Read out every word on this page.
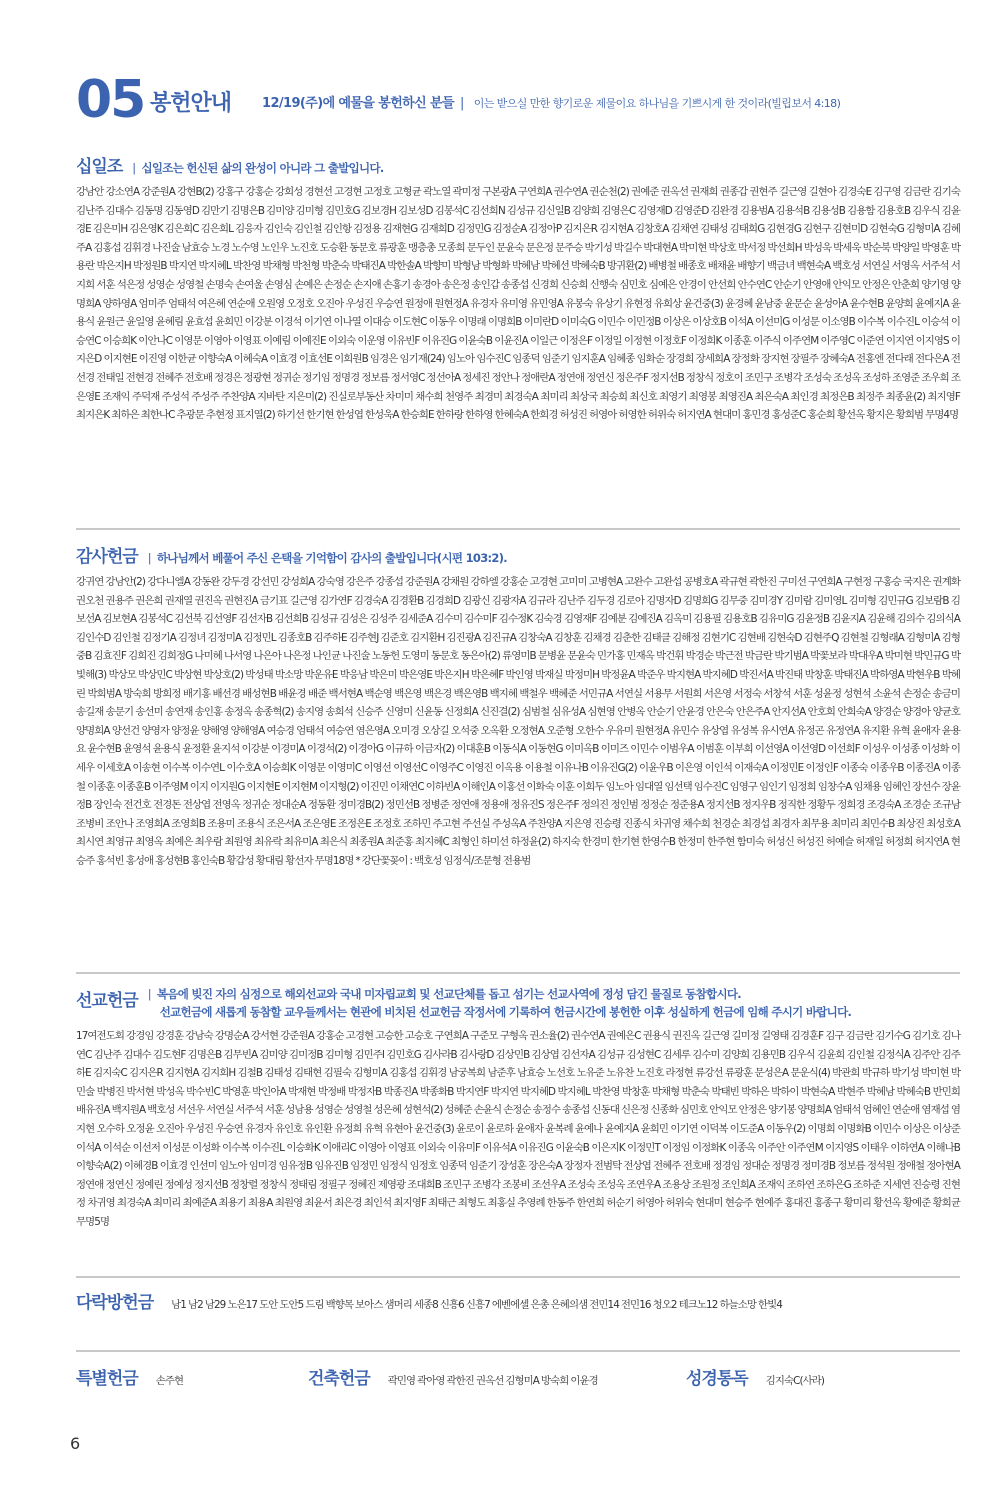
05 봉헌안내 12/19(주)에 예물을 봉헌하신 분들 | 이는 받으실 만한 향기로운 제물이요 하나님을 기쁘시게 한 것이라(빌립보서 4:18)
십일조 | 십일조는 헌신된 삶의 완성이 아니라 그 출발입니다.
강남안 강소연A 강준원A 강현B(2) 강홍구 강홍순 강희성 경현선 고경현 고정호 고형균 곽노열 곽미정 구본광A 구연희A 권수연A 권순천(2) 권예준 권옥선 권재희 권종갑 권현주 길근영 길현아 김경숙E 김구영 김금란 김기숙 김난주 김대수 김동명 김동영D 김만기 김명은B 김미양 김미형 김민호G 김보경H 김보성D 김봉석C 김선희N 김성규 김신일B 김양희 김영은C 김영재D 김영준D 김완경 김용범A 김용석B 김용성B 김용함 김용호B 김우식 김윤경E 김은미H 김은영K 김은희C 김은희L 김응자 김인숙 김인철 김인항 김정용 김재현G 김재희D 김정민G 김정순A 김정아P 김지은R 김지현A 김창호A 김채연 김태성 김태희G 김현경G 김현구 김현미D 김현숙G 김형미A 김혜주A 김홍섭 김휘경 나진술 남효승 노경 노수영 노인우 노진호 도승환 동문호 류광훈 맹층총 모종희 문두인 문윤숙 문은정 문주승 박기성 박길수 박대현A 박미현 박상호 박서정 박선희H 박성욱 박세욱 박순북 박양일 박영훈 박용란 박은지H 박정원B 박지연 박지혜L 박찬영 박채형 박천형 박춘숙 박태진A 박한솔A 박향미 박형남 박형화 박혜남 박혜선 박혜숙B 방귀환(2) 배병철 배종호 배채윤 배향기 백금녀 백현숙A 백호성 서연실 서영옥 서주석 서지희 서훈 석은정 성영순 성영철 손명숙 손여울 손영심 손예은 손정순 손지애 손홍기 송경아 송은정 송인갑 송종섭 신경희 신승희 신행숙 심민호 심예은 안경이 안선희 안수연C 안순기 안영애 안익모 안정은 안춘희 양기영 양명희A 양하영A 엄미주 엄태석 여은혜 연순애 오원영 오정호 오진아 우성진 우승연 원정애 원현정A 유경자 유미영 유민영A 유봉숙 유상기 유현정 유희상 윤건중(3) 윤경혜 윤남중 윤문순 윤성아A 윤수현B 윤양희 윤예지A 윤용식 윤원근 윤일영 윤혜림 윤효섭 윤희민 이강분 이경석 이기연 이나열 이대승 이도현C 이동우 이명래 이명희B 이미란D 이미숙G 이민수 이민정B 이상은 이상호B 이석A 이선미G 이성문 이소영B 이수복 이수진L 이승석 이승연C 이승희K 이안나C 이영문 이영아 이영표 이예림 이예진E 이외숙 이운영 이유빈F 이유진G 이윤숙B 이윤진A 이일근 이정은F 이정일 이정현 이정호F 이정희K 이종훈 이주식 이주연M 이주영C 이준연 이지연 이지영S 이지은D 이지현E 이진영 이한균 이향숙A 이혜숙A 이효경 이효선E 이희원B 임경은 임기재(24) 임노아 임수진C 임종덕 임준기 임지훈A 임혜종 임화순 장경희 장세희A 장정화 장지현 장필주 장혜숙A 전홍엔 전다래 전다은A 전선경 전태일 전현경 전혜주 전호배 정경은 정광현 정귀순 정기임 정명경 정보름 정서영C 정선아A 정세진 정안나 정애란A 정연애 정연신 정은주F 정지선B 정창식 정호이 조민구 조병각 조성숙 조성옥 조성하 조영준 조우희 조은영E 조재익 주덕재 주성석 주성주 주찬양A 지바탄 지은미(2) 진실로부동산 차미미 채수희 천영주 최경미 최경숙A 최미리 최상국 최승희 최신호 최영기 최영봉 최영진A 최은숙A 최인경 최정은B 최정주 최종윤(2) 최지영F 최지은K 최하은 최한나C 추광문 추현정 표지열(2) 하기선 한기현 한성엽 한성욱A 한승희E 한하랑 한하영 한혜숙A 한희경 허성진 허영아 허영한 허위숙 허지연A 현대미 홍민경 홍성준C 홍순희 황선옥 황지은 황희범 무명4명
감사헌금 | 하나님께서 베풀어 주신 은택을 기억함이 감사의 출발입니다(시편 103:2).
강귀연 강남안(2) 강다니엘A 강동완 강두경 강선민 강성희A 강숙영 강은주 강종섭 강준원A 강채원 강하엘 강홍순 고경현 고미미 고병현A 고완수 고완섭 공병호A 곽규현 곽한진 구미선 구연희A 구현정 구홍승 국지은 권계화 권오천 권용주 권은희 권재열 권진옥 권현진A 금기표 길근영 김가연F 김경숙A 김경환B 김경희D 김광신 김광자A 김규라 김난주 김두경 김로아 김명자D 김명희G 김무중 김미경Y 김미람 김미영L 김미형 김민규G 김보람B 김보선A 김보현A 김봉석C 김선북 김선영F 김선자B 김선희B 김성규 김성은 김성주 김세준A 김수미 김수미F 김수정K 김숙경 김영재F 김예분 김예진A 김옥미 김용필 김용호B 김유미G 김윤정B 김윤지A 김윤해 김의수 김의식A 김인수D 김인철 김정기A 김정녀 김정미A 김정민L 김종호B 김주하E 김주현J 김준호 김지환H 김진광A 김진규A 김창숙A 김창훈 김채경 김춘한 김태클 김해정 김현기C 김현배 김현숙D 김현주Q 김현철 김형래A 김형미A 김형중B 김효진F 김희진 김희정G 나미혜 나서영 나은아 나은정 나인균 나진술 노동헌 도영미 동문호 동은아(2) 류영미B 문병윤 문윤숙 민가홍 민재옥 박건휘 박경순 박근전 박금란 박기범A 박꽃보라 박대우A 박미현 박민규G 박빛해(3) 박상모 박상민C 박상현 박상호(2) 박성태 박소망 박운유E 박응남 박은미 박은영E 박은지H 박은혜F 박인영 박재실 박정미H 박정윤A 박준우 박지현A 박지혜D 박진서A 박진태 박창훈 박태진A 박하영A 박현우B 박혜린 박희범A 방숙희 방희정 배기홍 배선경 배성현B 배윤경 배준 백서현A 백순영 백은영 백은경 백은영B 백지혜 백철우 백혜준 서민규A 서연실 서용무 서원희 서은영 서정숙 서창석 서훈 성윤정 성현석 소윤석 손정순 송금미 송길재 송문기 송선미 송연재 송인홍 송정옥 송종혁(2) 송지영 송희석 신승주 신영미 신윤동 신정희A 신진결(2) 심범철 심유성A 심현영 안병옥 안순기 안윤경 안은숙 안은주A 안지선A 안호희 안희숙A 양경순 양경아 양균호 양명희A 양선건 양영자 양정윤 양해영 양해영A 여승경 엄태석 여승연 염은영A 오미경 오상길 오석중 오옥환 오정현A 오준형 오한수 우유미 원현정A 유민수 유상엽 유성복 유시연A 유정곤 유정연A 유지환 유혁 윤애자 윤용요 윤수현B 윤영석 윤용식 윤정환 윤지석 이강분 이경미A 이경석(2) 이경아G 이규하 이금자(2) 이대훈B 이동식A 이동현G 이미옥B 이미즈 이민수 이범우A 이범훈 이부희 이선영A 이선영D 이선희F 이성우 이성종 이성화 이세우 이세호A 이송현 이수복 이수연L 이수호A 이승희K 이영문 이영미C 이영선 이영선C 이영주C 이영진 이옥용 이용철 이유나B 이유진G(2) 이윤우B 이은영 이인석 이재숙A 이정민E 이정인F 이종숙 이종우B 이종진A 이종철 이종훈 이종훈B 이주영M 이지 이지원G 이지현E 이지현M 이지형(2) 이진민 이채연C 이하빈A 이해인A 이홍선 이화숙 이훈 이희두 임노아 임대열 임선택 임수진C 임영구 임인기 임정희 임창수A 임채용 임혜인 장선수 장윤정B 장인숙 전건호 전경돈 전상엽 전영옥 정귀순 정대순A 정동환 정미경B(2) 정민선B 정병준 정연애 정용애 정유진S 정은주F 정의진 정인범 정정순 정준용A 정지선B 정지우B 정직한 정황두 정희경 조경숙A 조경순 조규남 조병비 조안나 조영희A 조영희B 조용미 조용식 조은서A 조은영E 조정은E 조정호 조하민 주고현 주선실 주성옥A 주찬양A 지은영 진승령 진종식 차귀영 채수희 천경순 최경섭 최경자 최무용 최미리 최민수B 최상진 최성호A 최시연 최영규 최영옥 최예은 최우람 최원영 최유락 최유미A 최은식 최종원A 최준홍 최지혜C 최형인 하미선 하정윤(2) 하지숙 한경미 한기현 한영수B 한정미 한주현 함미숙 허성신 허성진 허예슬 허재일 허정희 허지연A 현승주 홍석빈 홍성애 홍성현B 홍인숙B 황갑성 황대림 황선자 무명18명 * 강단꽃꽂이 : 백호성 임정식/조문형 전용범
선교헌금 | 복음에 빚진 자의 심정으로 해외선교와 국내 미자립교회 및 선교단체를 돕고 섬기는 선교사역에 정성 담긴 물질로 동참합시다.
선교헌금에 새롭게 동참할 교우들께서는 현관에 비치된 선교헌금 작정서에 기록하여 헌금시간에 봉헌한 이후 성실하게 헌금에 임해 주시기 바랍니다.
17여전도회 강경임 강경훈 강남숙 강명순A 강서현 강준원A 강홍순 고경현 고승한 고승호 구연희A 구준모 구형옥 권소율(2) 권수연A 권예은C 권용식 권진옥 길근영 길미정 길영태 김경훈F 김구 김금란 김기수G 김기호 김나연C 김난주 김대수 김도현F 김명은B 김무빈A 김미양 김미정B 김미형 김민주I 김민호G 김사라B 김사랑D 김상민B 김상엽 김선자A 김성규 김성현C 김세루 김수미 김양희 김용민B 김우식 김윤희 김인철 김정식A 김주안 김주하E 김지숙C 김지은R 김지현A 김지희H 김철B 김태성 김태현 김필숙 김형미A 김홍섭 김휘경 남궁복희 남준후 남효승 노선호 노유준 노유찬 노진호 라정현 류강선 류광훈 문성은A 문운식(4) 박관희 박규하 박기성 박미현 박민술 박병진 박서현 박성옥 박수빈C 박영훈 박인아A 박재현 박정배 박정자B 박종진A 박종화B 박지연F 박지연 박지혜D 박지혜L 박찬영 박창훈 박채형 박춘숙 박태빈 박하은 박하이 박현숙A 박현주 박혜남 박혜숙B 반민희 배유진A 백지원A 백호성 서선우 서연실 서주석 서훈 성남용 성영순 성영철 성은혜 성현석(2) 성혜준 손윤식 손정순 송정수 송종섭 신동대 신은정 신종화 심민호 안익모 안정은 양기봉 양명희A 엄태석 엄혜인 연순애 염재섭 염지현 오수하 오정윤 오진아 우성진 우승연 유경자 유인호 유인환 유정희 유혁 유현아 윤건중(3) 윤로이 윤로하 윤애자 윤복례 윤예나 윤예지A 윤희민 이기연 이덕복 이도준A 이동우(2) 이명희 이명화B 이민수 이상은 이상준 이석A 이석순 이선저 이성문 이성화 이수복 이수진L 이승화K 이애리C 이영아 이영표 이외숙 이유미F 이유석A 이유진G 이윤숙B 이은지K 이정민T 이정임 이정화K 이종옥 이주안 이주연M 이지영S 이태우 이하연A 이해나B 이향숙A(2) 이혜경B 이효경 인선미 임노아 임미경 임유정B 임유진B 임정민 임정식 임정호 임종덕 임준기 장성훈 장은숙A 장정자 전범탁 전상엽 전혜주 전호배 정경임 정대순 정명경 정미경B 정보름 정석원 정애철 정아현A 정연애 정연신 정예린 정예성 정지선B 정창렬 정창식 정태림 정필구 정혜진 제영광 조대희B 조민구 조병각 조봉비 조선우A 조성숙 조성옥 조연우A 조용상 조원정 조인희A 조재익 조하연 조하은G 조하준 지세연 진승령 진현정 차귀영 최경숙A 최미리 최예준A 최용기 최용A 최원영 최윤서 최은경 최인석 최지영F 최태근 최형도 최홍실 추영례 한동주 한연희 허순기 허영아 허위숙 현대미 현승주 현예주 홍대진 홍종구 황미리 황선옥 황예준 황희균 무명5명
다락방헌금 남1 남2 남29 노은17 도안 도안5 드림 백향목 보아스 샘머리 세종8 신흥6 신흥7 에벤에셀 은총 은혜의샘 전민14 전민16 청오2 테크노12 하늘소망 한빛4
특별헌금 손주현	건축헌금 곽민영 곽아영 곽한진 권옥선 김형미A 방숙희 이윤경	성경통독 김지숙C(사라)
6
